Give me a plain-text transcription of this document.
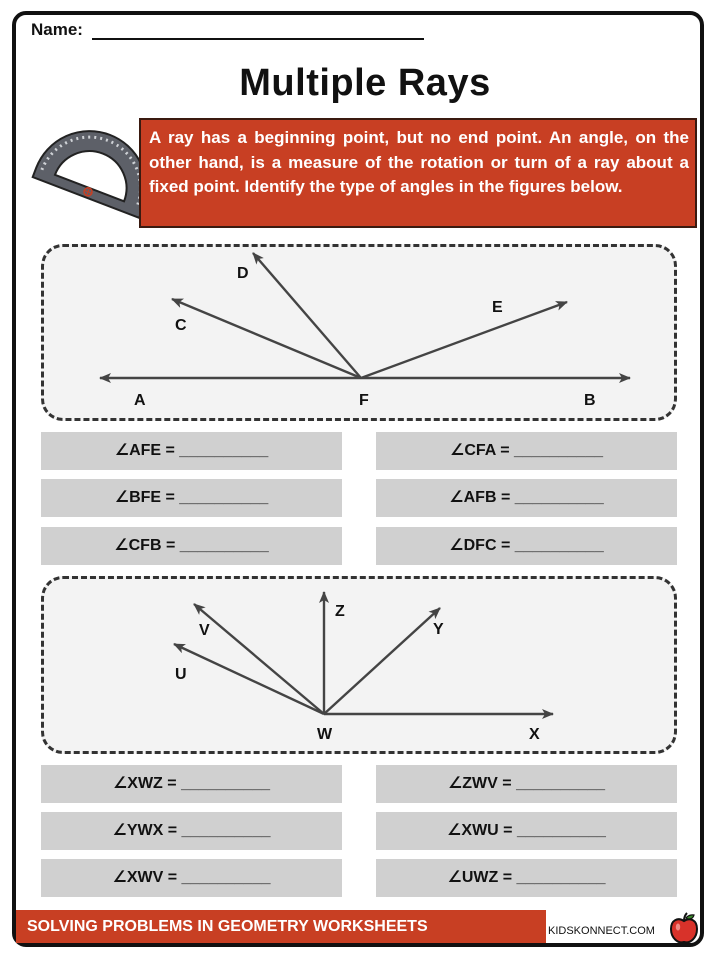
Name:
Multiple Rays
A ray has a beginning point, but no end point. An angle, on the other hand, is a measure of the rotation or turn of a ray about a fixed point. Identify the type of angles in the figures below.
A	F	B
C
D
E
∠AFE = __________	∠CFA = __________
∠BFE = __________	∠AFB = __________
∠CFB = __________	∠DFC = __________
W	X
Z
Y
V
U
∠XWZ = __________	∠ZWV = __________
∠YWX = __________	∠XWU = __________
∠XWV = __________	∠UWZ = __________
SOLVING PROBLEMS IN GEOMETRY WORKSHEETS	KIDSKONNECT.COM
